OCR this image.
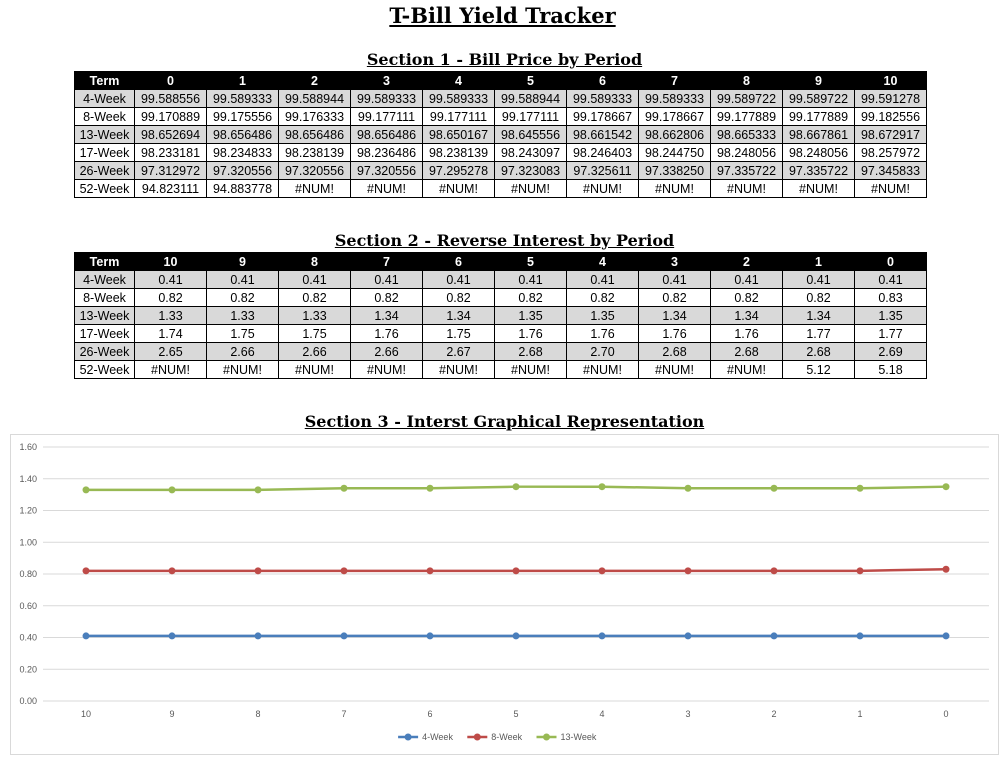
T-Bill Yield Tracker
Section 1 - Bill Price by Period
Term	0	1	2	3	4	5	6	7	8	9	10
4-Week	99.588556	99.589333	99.588944	99.589333	99.589333	99.588944	99.589333	99.589333	99.589722	99.589722	99.591278
8-Week	99.170889	99.175556	99.176333	99.177111	99.177111	99.177111	99.178667	99.178667	99.177889	99.177889	99.182556
13-Week	98.652694	98.656486	98.656486	98.656486	98.650167	98.645556	98.661542	98.662806	98.665333	98.667861	98.672917
17-Week	98.233181	98.234833	98.238139	98.236486	98.238139	98.243097	98.246403	98.244750	98.248056	98.248056	98.257972
26-Week	97.312972	97.320556	97.320556	97.320556	97.295278	97.323083	97.325611	97.338250	97.335722	97.335722	97.345833
52-Week	94.823111	94.883778	#NUM!	#NUM!	#NUM!	#NUM!	#NUM!	#NUM!	#NUM!	#NUM!	#NUM!
Section 2 - Reverse Interest by Period
Term	10	9	8	7	6	5	4	3	2	1	0
4-Week	0.41	0.41	0.41	0.41	0.41	0.41	0.41	0.41	0.41	0.41	0.41
8-Week	0.82	0.82	0.82	0.82	0.82	0.82	0.82	0.82	0.82	0.82	0.83
13-Week	1.33	1.33	1.33	1.34	1.34	1.35	1.35	1.34	1.34	1.34	1.35
17-Week	1.74	1.75	1.75	1.76	1.75	1.76	1.76	1.76	1.76	1.77	1.77
26-Week	2.65	2.66	2.66	2.66	2.67	2.68	2.70	2.68	2.68	2.68	2.69
52-Week	#NUM!	#NUM!	#NUM!	#NUM!	#NUM!	#NUM!	#NUM!	#NUM!	#NUM!	5.12	5.18
Section 3 - Interst Graphical Representation
0.00
0.20
0.40
0.60
0.80
1.00
1.20
1.40
1.60
10	9	8	7	6	5	4	3	2	1	0
4-Week	8-Week	13-Week
